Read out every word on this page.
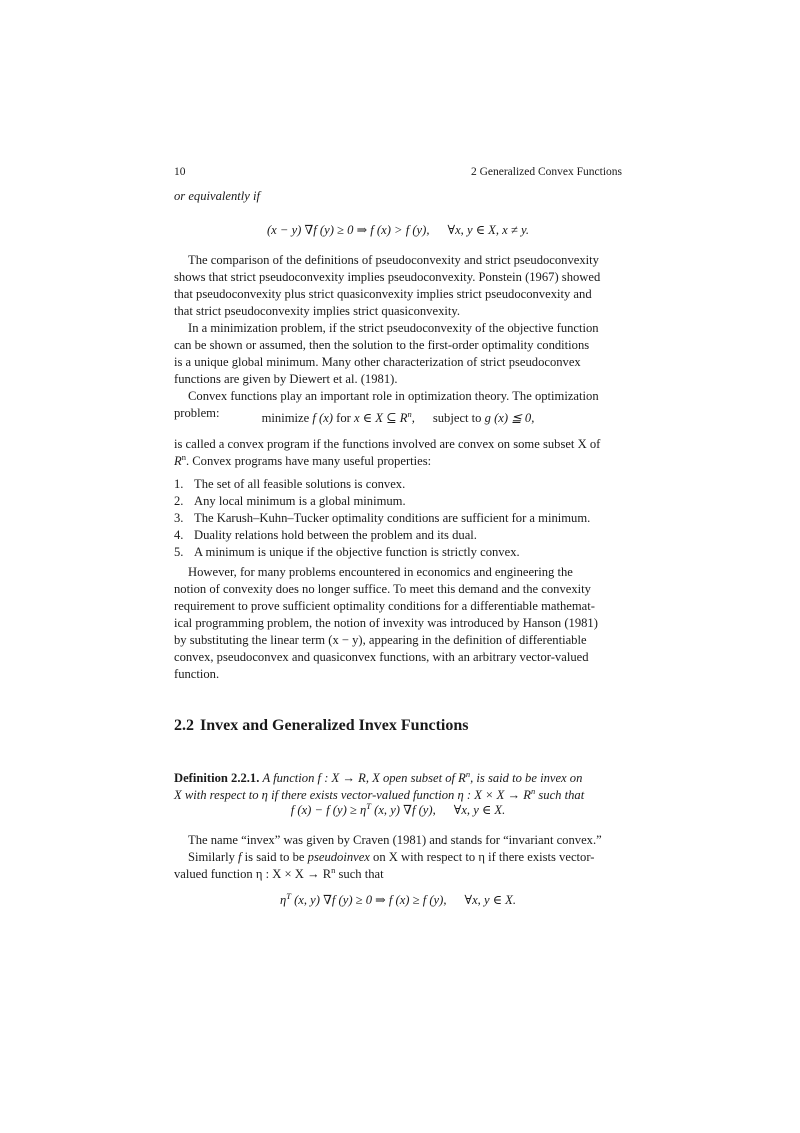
10	2 Generalized Convex Functions
or equivalently if
(x − y) ∇f (y) ≥ 0 ⇒ f (x) > f (y), ∀x, y ∈ X, x ≠ y.

The comparison of the definitions of pseudoconvexity and strict pseudoconvexity

shows that strict pseudoconvexity implies pseudoconvexity. Ponstein (1967) showed

that pseudoconvexity plus strict quasiconvexity implies strict pseudoconvexity and

that strict pseudoconvexity implies strict quasiconvexity.

In a minimization problem, if the strict pseudoconvexity of the objective function

can be shown or assumed, then the solution to the first-order optimality conditions

is a unique global minimum. Many other characterization of strict pseudoconvex

functions are given by Diewert et al. (1981).

Convex functions play an important role in optimization theory. The optimization

problem:	minimize f (x) for x ∈ X ⊆ $R^n$, subject to g (x) ≦ 0,

is called a convex program if the functions involved are convex on some subset X of

$R^n$. Convex programs have many useful properties:

1. The set of all feasible solutions is convex.
2. Any local minimum is a global minimum.
3. The Karush–Kuhn–Tucker optimality conditions are sufficient for a minimum.
4. Duality relations hold between the problem and its dual.
5. A minimum is unique if the objective function is strictly convex.

However, for many problems encountered in economics and engineering the

notion of convexity does no longer suffice. To meet this demand and the convexity

requirement to prove sufficient optimality conditions for a differentiable mathemat-

ical programming problem, the notion of invexity was introduced by Hanson (1981)

by substituting the linear term (x − y), appearing in the definition of differentiable

convex, pseudoconvex and quasiconvex functions, with an arbitrary vector-valued

function.

2.2 Invex and Generalized Invex Functions

Definition 2.2.1. A function f : X → R, X open subset of $R^n$, is said to be invex on

X with respect to η if there exists vector-valued function η : $X \times X \to R^n$ such that

f (x) − f $(y) \ge \eta^T$ (x, y) ∇f (y), ∀x, y ∈ X.

The name “invex” was given by Craven (1981) and stands for “invariant convex.”

Similarly f is said to be pseudoinvex on X with respect to η if there exists vector-

valued function η : $X \times X \to R^n$ such that

$\eta^T$ (x, y) ∇f (y) ≥ 0 ⇒ f (x) ≥ f (y), ∀x, y ∈ X.
